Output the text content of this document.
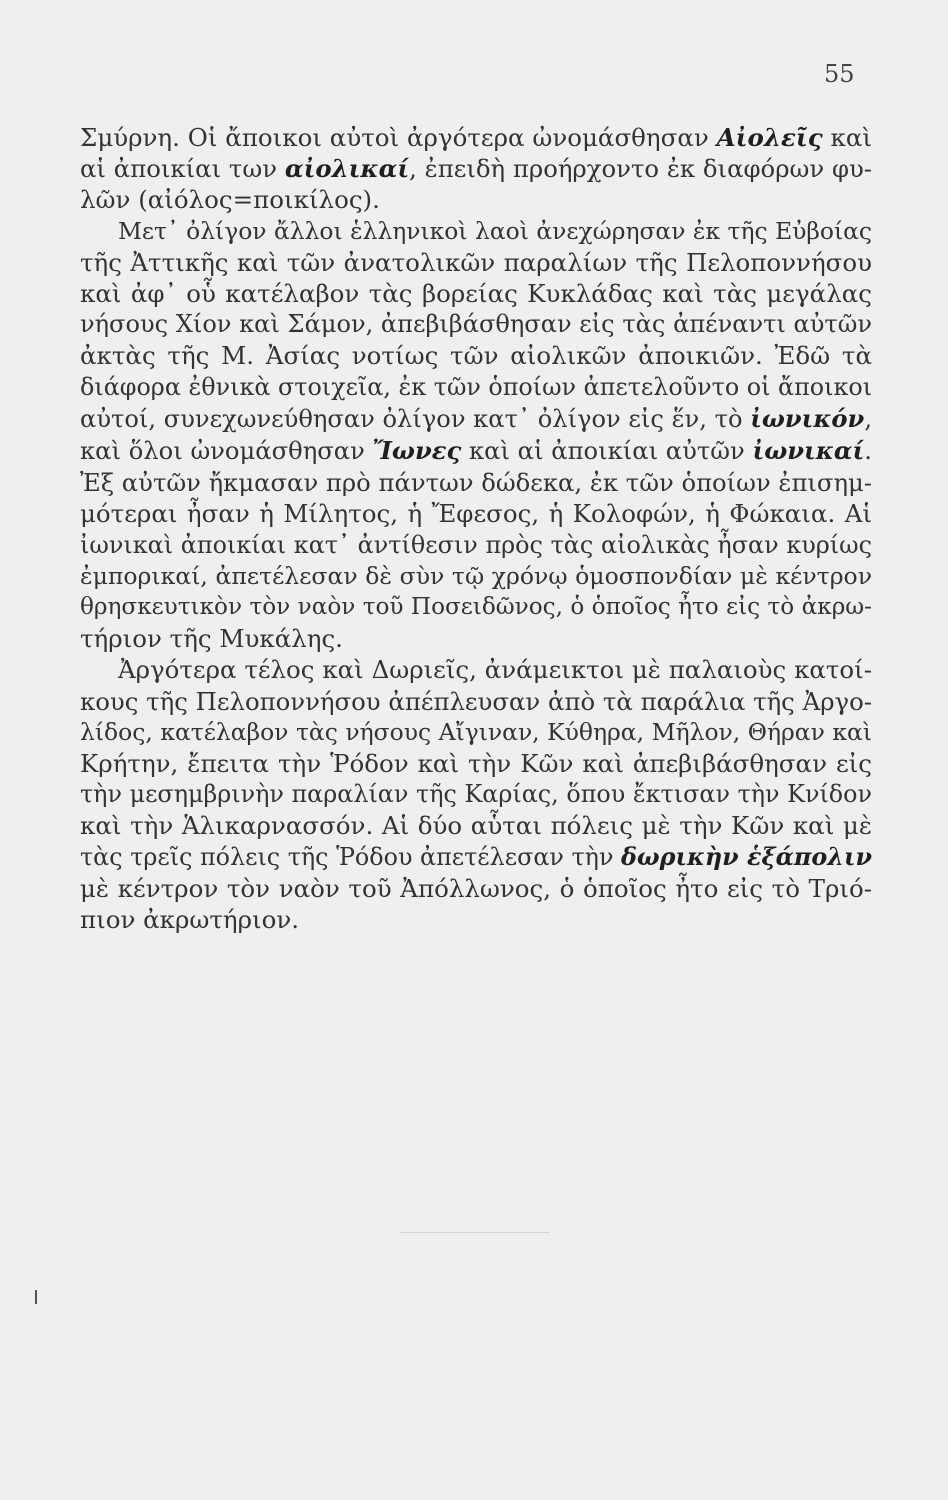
55
Σμύρνη. Οἱ ἄποικοι αὐτοὶ ἀργότερα ὠνομάσθησαν Αἰολεῖς καὶ
αἱ ἀποικίαι των αἰολικαί, ἐπειδὴ προήρχοντο ἐκ διαφόρων φυ-
λῶν (αἰόλος=ποικίλος).
Μετ᾽ ὀλίγον ἄλλοι ἑλληνικοὶ λαοὶ ἀνεχώρησαν ἐκ τῆς Εὐβοίας
τῆς Ἀττικῆς καὶ τῶν ἀνατολικῶν παραλίων τῆς Πελοποννήσου
καὶ ἀφ᾽ οὗ κατέλαβον τὰς βορείας Κυκλάδας καὶ τὰς μεγάλας
νήσους Χίον καὶ Σάμον, ἀπεβιβάσθησαν εἰς τὰς ἀπέναντι αὐτῶν
ἀκτὰς τῆς Μ. Ἀσίας νοτίως τῶν αἰολικῶν ἀποικιῶν. Ἐδῶ τὰ
διάφορα ἐθνικὰ στοιχεῖα, ἐκ τῶν ὁποίων ἀπετελοῦντο οἱ ἄποικοι
αὐτοί, συνεχωνεύθησαν ὀλίγον κατ᾽ ὀλίγον εἰς ἕν, τὸ ἰωνικόν,
καὶ ὅλοι ὠνομάσθησαν Ἴωνες καὶ αἱ ἀποικίαι αὐτῶν ἰωνικαί.
Ἐξ αὐτῶν ἤκμασαν πρὸ πάντων δώδεκα, ἐκ τῶν ὁποίων ἐπισημ-
μότεραι ἦσαν ἡ Μίλητος, ἡ Ἔφεσος, ἡ Κολοφών, ἡ Φώκαια. Αἱ
ἰωνικαὶ ἀποικίαι κατ᾽ ἀντίθεσιν πρὸς τὰς αἰολικὰς ἦσαν κυρίως
ἐμπορικαί, ἀπετέλεσαν δὲ σὺν τῷ χρόνῳ ὁμοσπονδίαν μὲ κέντρον
θρησκευτικὸν τὸν ναὸν τοῦ Ποσειδῶνος, ὁ ὁποῖος ἦτο εἰς τὸ ἀκρω-
τήριον τῆς Μυκάλης.
Ἀργότερα τέλος καὶ Δωριεῖς, ἀνάμεικτοι μὲ παλαιοὺς κατοί-
κους τῆς Πελοποννήσου ἀπέπλευσαν ἀπὸ τὰ παράλια τῆς Ἀργο-
λίδος, κατέλαβον τὰς νήσους Αἴγιναν, Κύθηρα, Μῆλον, Θήραν καὶ
Κρήτην, ἔπειτα τὴν Ῥόδον καὶ τὴν Κῶν καὶ ἀπεβιβάσθησαν εἰς
τὴν μεσημβρινὴν παραλίαν τῆς Καρίας, ὅπου ἔκτισαν τὴν Κνίδον
καὶ τὴν Ἁλικαρνασσόν. Αἱ δύο αὗται πόλεις μὲ τὴν Κῶν καὶ μὲ
τὰς τρεῖς πόλεις τῆς Ῥόδου ἀπετέλεσαν τὴν δωρικὴν ἑξάπολιν
μὲ κέντρον τὸν ναὸν τοῦ Ἀπόλλωνος, ὁ ὁποῖος ἦτο εἰς τὸ Τριό-
πιον ἀκρωτήριον.
